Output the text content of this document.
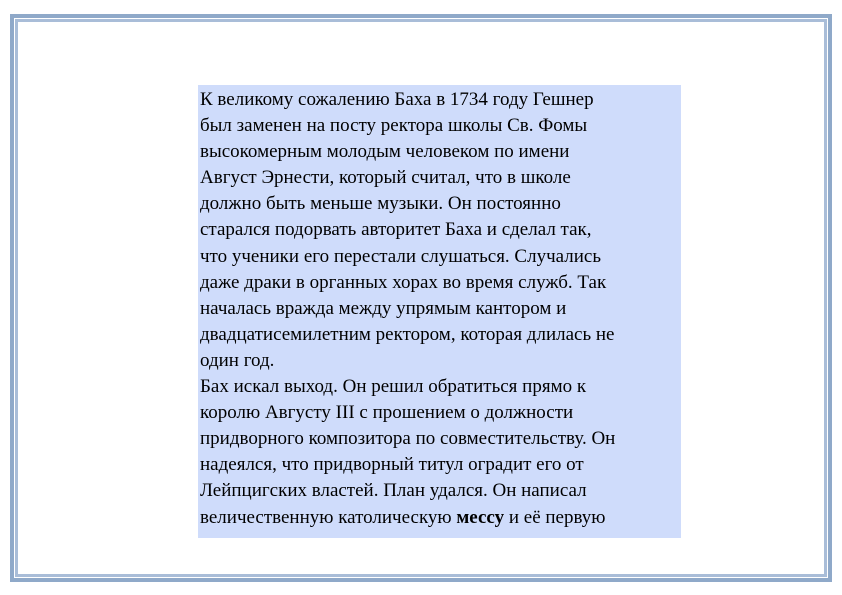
К великому сожалению Баха в 1734 году Гешнер
был заменен на посту ректора школы Св. Фомы
высокомерным молодым человеком по имени
Август Эрнести, который считал, что в школе
должно быть меньше музыки. Он постоянно
старался подорвать авторитет Баха и сделал так,
что ученики его перестали слушаться. Случались
даже драки в органных хорах во время служб. Так
началась вражда между упрямым кантором и
двадцатисемилетним ректором, которая длилась не
один год.

Бах искал выход. Он решил обратиться прямо к
королю Августу III с прошением о должности
придворного композитора по совместительству. Он
надеялся, что придворный титул оградит его от
Лейпцигских властей. План удался. Он написал
величественную католическую мессу и её первую
